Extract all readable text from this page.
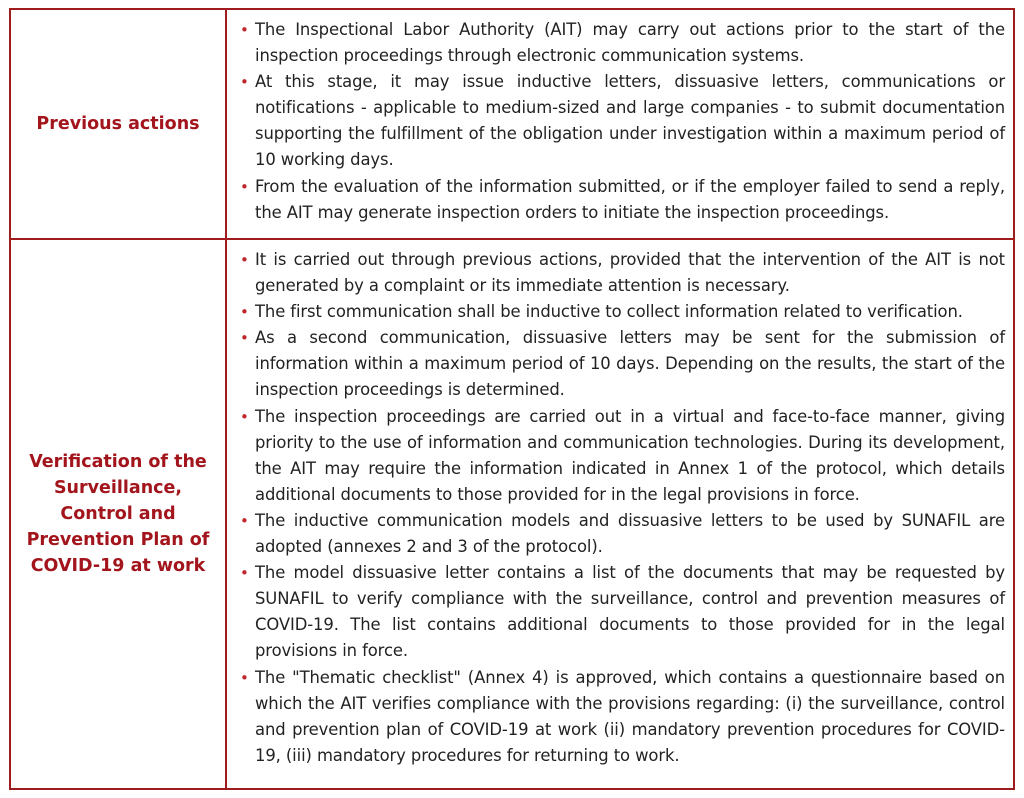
Previous actions
• The Inspectional Labor Authority (AIT) may carry out actions prior to the start of the inspection proceedings through electronic communication systems.
• At this stage, it may issue inductive letters, dissuasive letters, communications or notifications - applicable to medium-sized and large companies - to submit documentation supporting the fulfillment of the obligation under investigation within a maximum period of 10 working days.
• From the evaluation of the information submitted, or if the employer failed to send a reply, the AIT may generate inspection orders to initiate the inspection proceedings.
Verification of the Surveillance, Control and Prevention Plan of COVID-19 at work
• It is carried out through previous actions, provided that the intervention of the AIT is not generated by a complaint or its immediate attention is necessary.
• The first communication shall be inductive to collect information related to verification.
• As a second communication, dissuasive letters may be sent for the submission of information within a maximum period of 10 days. Depending on the results, the start of the inspection proceedings is determined.
• The inspection proceedings are carried out in a virtual and face-to-face manner, giving priority to the use of information and communication technologies. During its development, the AIT may require the information indicated in Annex 1 of the protocol, which details additional documents to those provided for in the legal provisions in force.
• The inductive communication models and dissuasive letters to be used by SUNAFIL are adopted (annexes 2 and 3 of the protocol).
• The model dissuasive letter contains a list of the documents that may be requested by SUNAFIL to verify compliance with the surveillance, control and prevention measures of COVID-19. The list contains additional documents to those provided for in the legal provisions in force.
• The "Thematic checklist" (Annex 4) is approved, which contains a questionnaire based on which the AIT verifies compliance with the provisions regarding: (i) the surveillance, control and prevention plan of COVID-19 at work (ii) mandatory prevention procedures for COVID-19, (iii) mandatory procedures for returning to work.
